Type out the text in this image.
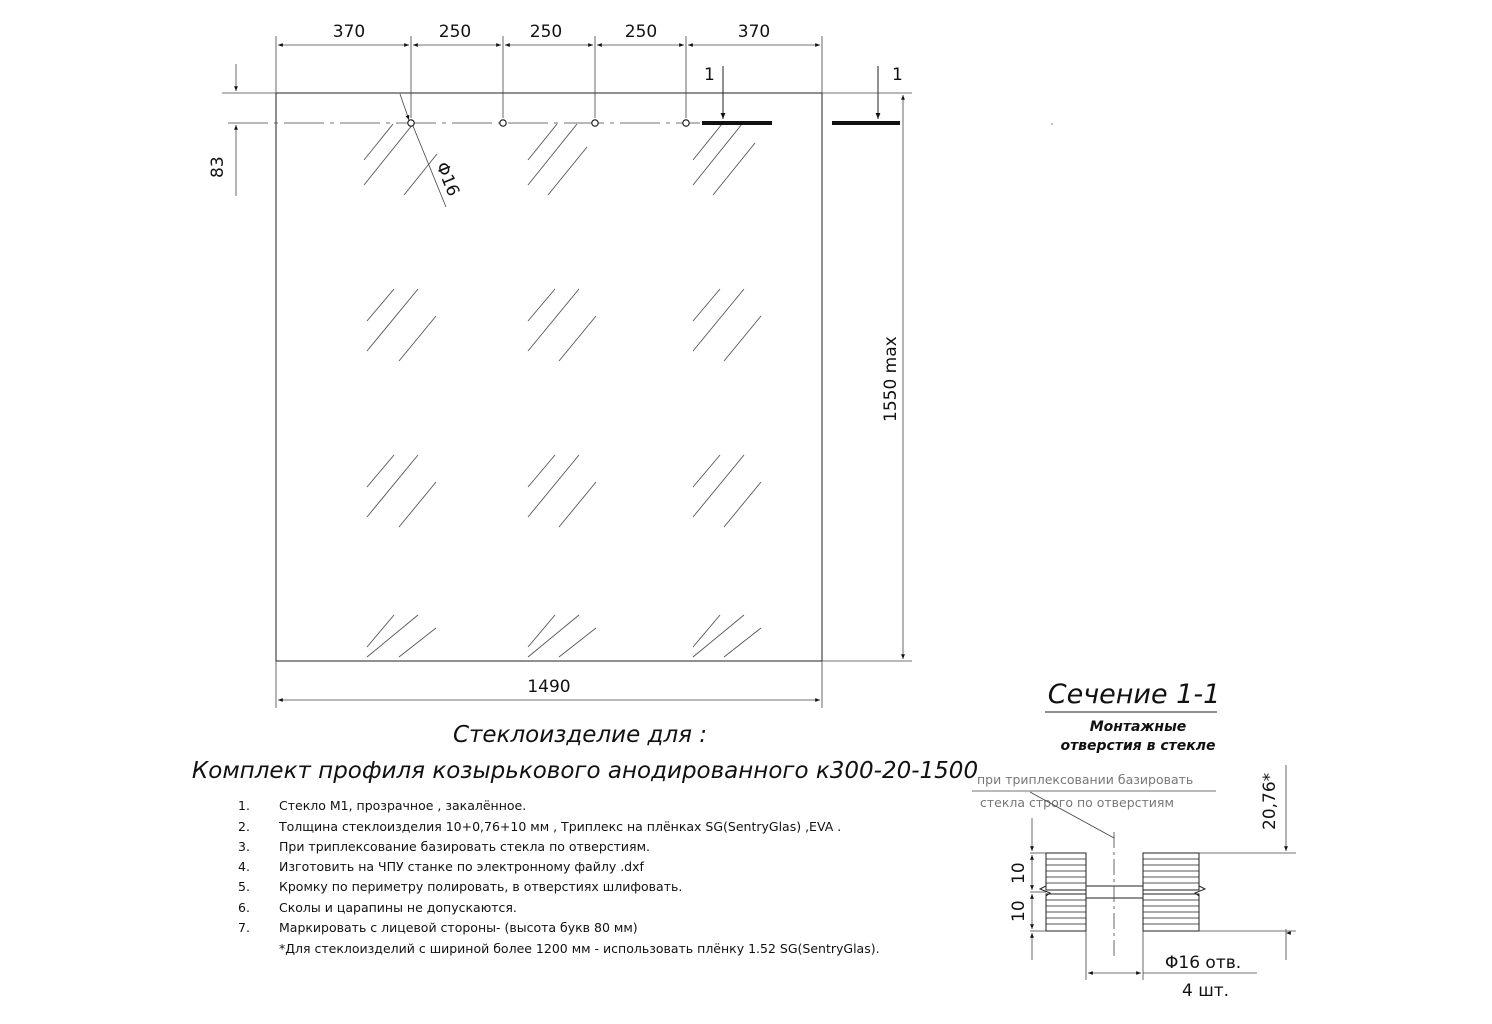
370	250	250	250	370
83	Φ16
1	1
1550 max
1490
Стеклоизделие для :
Комплект профиля козырькового анодированного к300-20-1500
1. Стекло М1, прозрачное , закалённое.
2. Толщина стеклоизделия 10+0,76+10 мм , Триплекс на плёнках SG(SentryGlas) ,EVA .
3. При триплексование базировать стекла по отверстиям.
4. Изготовить на ЧПУ станке по электронному файлу .dxf
5. Кромку по периметру полировать, в отверстиях шлифовать.
6. Сколы и царапины не допускаются.
7. Маркировать с лицевой стороны- (высота букв 80 мм)
*Для стеклоизделий с шириной более 1200 мм - использовать плёнку 1.52 SG(SentryGlas).
Сечение 1-1
Монтажные
отверстия в стекле
при триплексовании базировать
стекла строго по отверстиям
10
10
20,76*
Φ16 отв.
4 шт.
